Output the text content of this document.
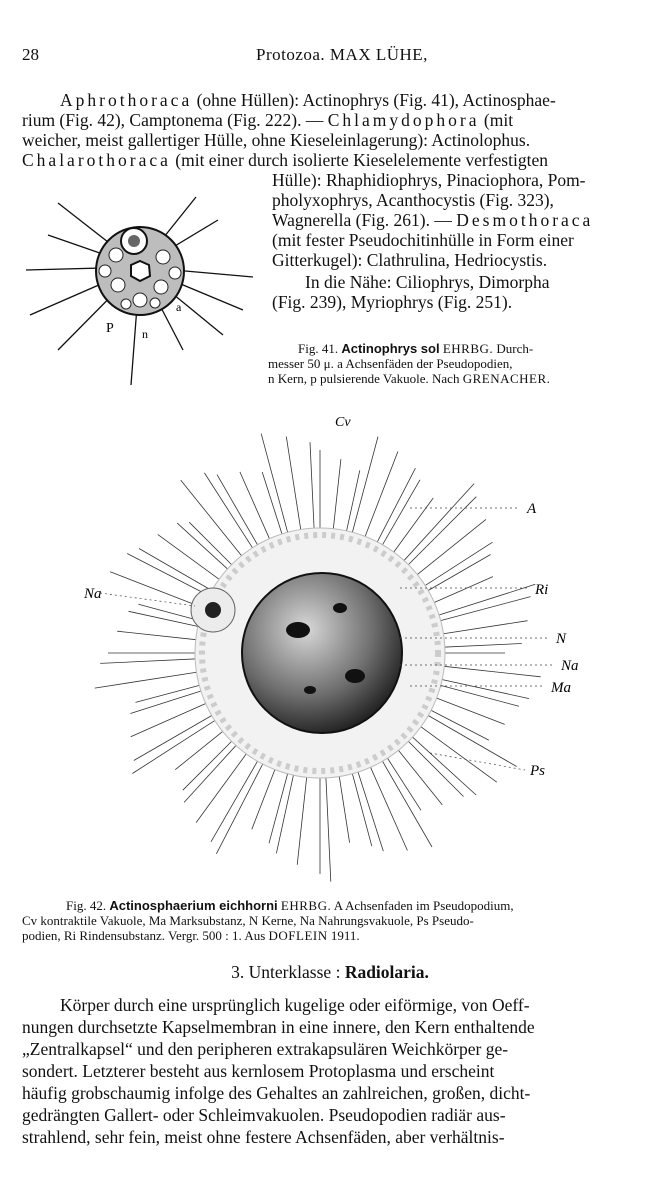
28	Protozoa. MAX LÜHE,
Aphrothoraca (ohne Hüllen): Actinophrys (Fig. 41), Actinosphae-
rium (Fig. 42), Camptonema (Fig. 222). — Chlamydophora (mit
weicher, meist gallertiger Hülle, ohne Kieseleinlagerung): Actinolophus.
Chalarothoraca (mit einer durch isolierte Kieselelemente verfestigten
Hülle): Rhaphidiophrys, Pinaciophora, Pom-
pholyxophrys, Acanthocystis (Fig. 323),
Wagnerella (Fig. 261). — Desmothoraca
(mit fester Pseudochitinhülle in Form einer
Gitterkugel): Clathrulina, Hedriocystis.
In die Nähe: Ciliophrys, Dimorpha
(Fig. 239), Myriophrys (Fig. 251).
P n
a
Fig. 41. Actinophrys sol EHRBG. Durch-
messer 50 μ. a Achsenfäden der Pseudopodien,
n Kern, p pulsierende Vakuole. Nach GRENACHER.
Cv
A
Na	Ri
N
Na
Ma
Ps
Fig. 42. Actinosphaerium eichhorni EHRBG. A Achsenfaden im Pseudopodium,
Cv kontraktile Vakuole, Ma Marksubstanz, N Kerne, Na Nahrungsvakuole, Ps Pseudo-
podien, Ri Rindensubstanz. Vergr. 500 : 1. Aus DOFLEIN 1911.
3. Unterklasse : Radiolaria.
Körper durch eine ursprünglich kugelige oder eiförmige, von Oeff-
nungen durchsetzte Kapselmembran in eine innere, den Kern enthaltende
„Zentralkapsel“ und den peripheren extrakapsulären Weichkörper ge-
sondert. Letzterer besteht aus kernlosem Protoplasma und erscheint
häufig grobschaumig infolge des Gehaltes an zahlreichen, großen, dicht-
gedrängten Gallert- oder Schleimvakuolen. Pseudopodien radiär aus-
strahlend, sehr fein, meist ohne festere Achsenfäden, aber verhältnis-
